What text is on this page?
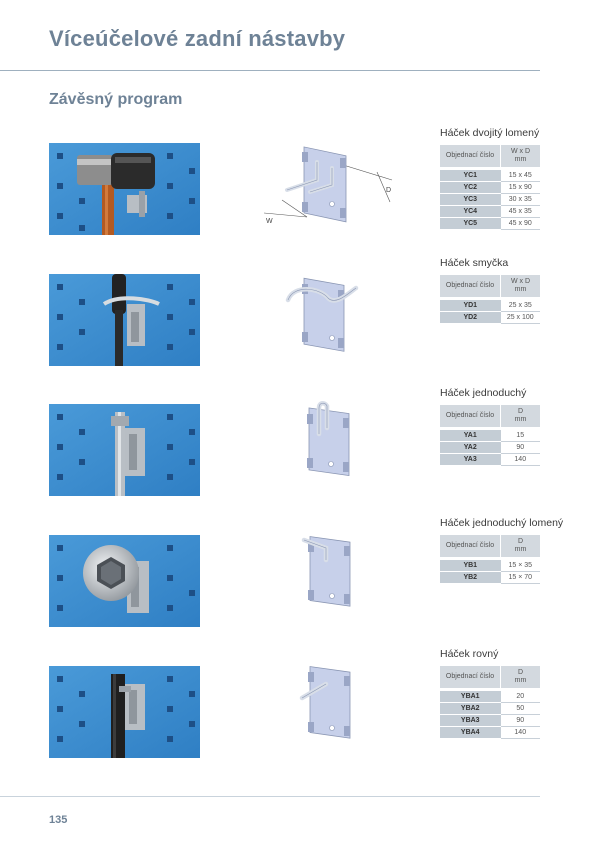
Víceúčelové zadní nástavby
Závěsný program
W
D
Háček dvojitý lomený
Objednací číslo	W x D
mm

YC1	15 x 45
YC2	15 x 90
YC3	30 x 35
YC4	45 x 35
YC5	45 x 90
Háček smyčka
Objednací číslo	W x D
mm

YD1	25 x 35
YD2	25 x 100
Háček jednoduchý
Objednací číslo	D
mm

YA1	15
YA2	90
YA3	140
Háček jednoduchý lomený
Objednací číslo	D
mm

YB1	15 × 35
YB2	15 × 70
Háček rovný
Objednací číslo	D
mm

YBA1	20
YBA2	50
YBA3	90
YBA4	140
135
